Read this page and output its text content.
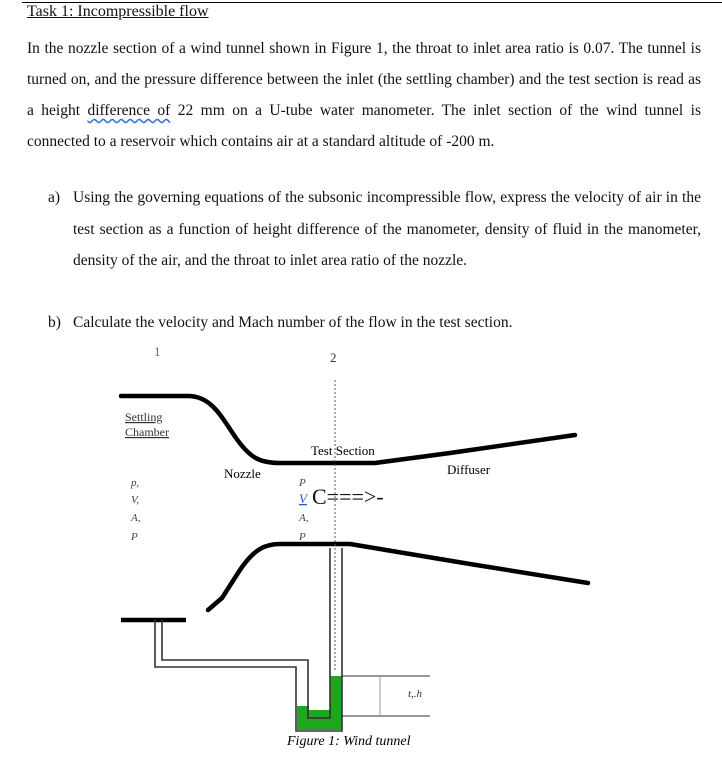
Task 1: Incompressible flow
In the nozzle section of a wind tunnel shown in Figure 1, the throat to inlet area ratio is 0.07. The tunnel is turned on, and the pressure difference between the inlet (the settling chamber) and the test section is read as a height difference of 22 mm on a U-tube water manometer. The inlet section of the wind tunnel is connected to a reservoir which contains air at a standard altitude of -200 m.
a) Using the governing equations of the subsonic incompressible flow, express the velocity of air in the test section as a function of height difference of the manometer, density of fluid in the manometer, density of the air, and the throat to inlet area ratio of the nozzle.
b) Calculate the velocity and Mach number of the flow in the test section.
1	2
Settling
Chamber
Nozzle
Test Section
Diffuser
p,
V,
A,
P
P
V
A,
P
C===>-
t,.h
Figure 1: Wind tunnel
